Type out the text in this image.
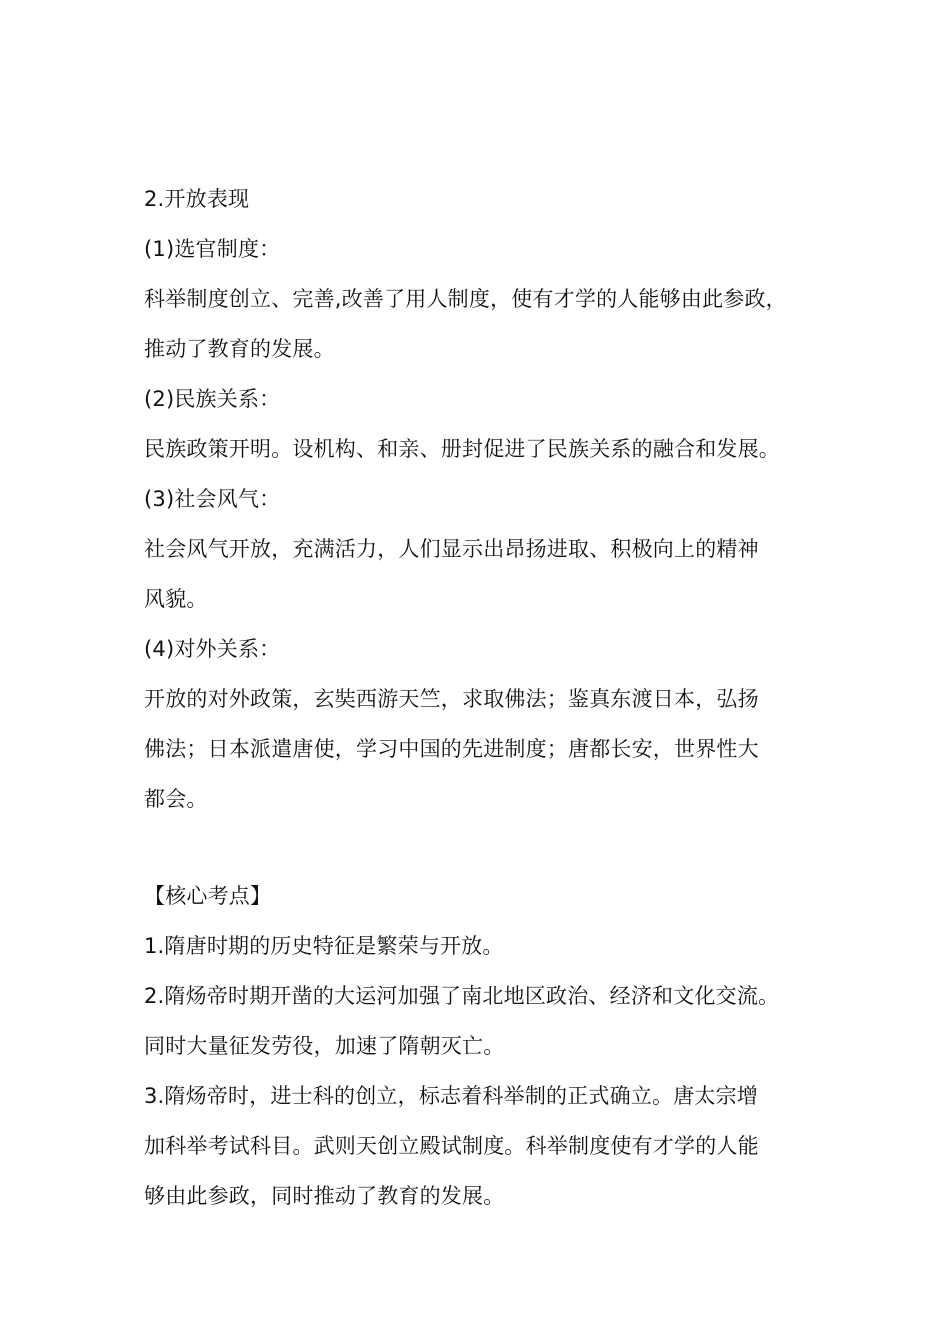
2.开放表现
(1)选官制度：
科举制度创立、完善,改善了用人制度，使有才学的人能够由此参政，
推动了教育的发展。
(2)民族关系：
民族政策开明。设机构、和亲、册封促进了民族关系的融合和发展。
(3)社会风气：
社会风气开放，充满活力，人们显示出昂扬进取、积极向上的精神
风貌。
(4)对外关系：
开放的对外政策，玄奘西游天竺，求取佛法；鉴真东渡日本，弘扬
佛法；日本派遣唐使，学习中国的先进制度；唐都长安，世界性大
都会。
【核心考点】
1.隋唐时期的历史特征是繁荣与开放。
2.隋炀帝时期开凿的大运河加强了南北地区政治、经济和文化交流。
同时大量征发劳役，加速了隋朝灭亡。
3.隋炀帝时，进士科的创立，标志着科举制的正式确立。唐太宗增
加科举考试科目。武则天创立殿试制度。科举制度使有才学的人能
够由此参政，同时推动了教育的发展。
